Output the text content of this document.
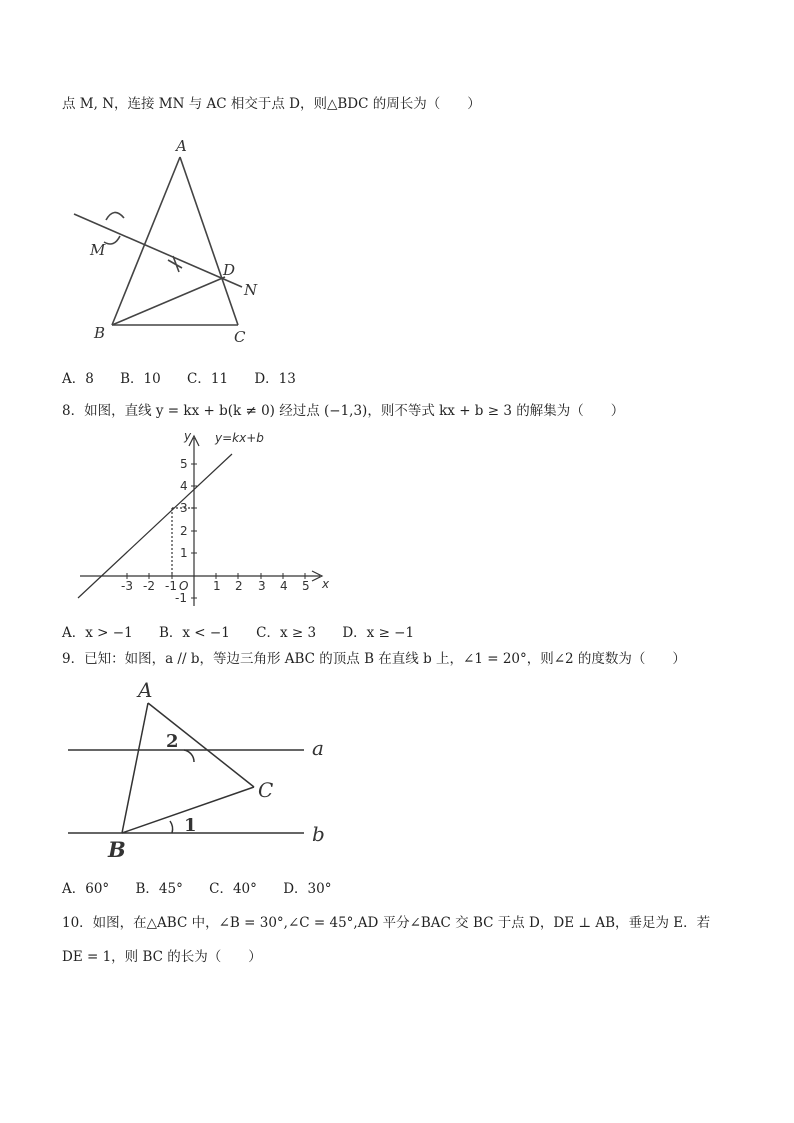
点 M, N，连接 MN 与 AC 相交于点 D，则△BDC 的周长为（　　）
A
M
D
N
B	C
A．8 B．10 C．11 D．13
8．如图，直线 y = kx + b(k ≠ 0) 经过点 (−1,3)，则不等式 kx + b ≥ 3 的解集为（　　）
y=kx+b
y
x
O
-3 -2 -1	1 2 3 4 5
5
4
3
2
1
-1
A．x > −1 B．x < −1 C．x ≥ 3 D．x ≥ −1
9．已知：如图，a // b，等边三角形 ABC 的顶点 B 在直线 b 上，∠1 = 20°，则∠2 的度数为（　　）
A
2	a
C
1	b
B
A．60° B．45° C．40° D．30°
10．如图，在△ABC 中，∠B = 30°,∠C = 45°,AD 平分∠BAC 交 BC 于点 D，DE ⊥ AB，垂足为 E．若
DE = 1，则 BC 的长为（　　）
